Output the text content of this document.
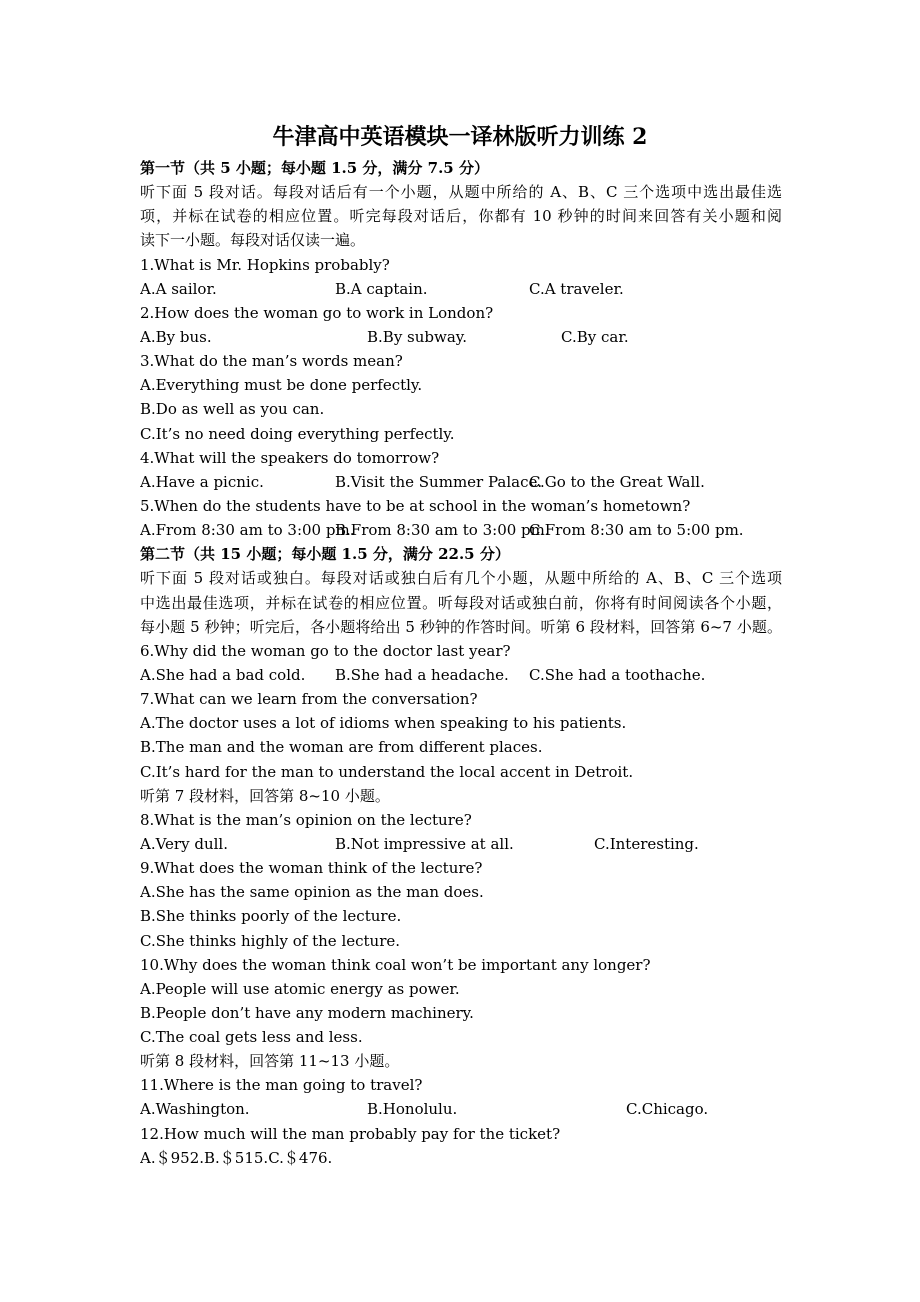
牛津高中英语模块一译林版听力训练 2
第一节（共 5 小题；每小题 1.5 分，满分 7.5 分）
听下面 5 段对话。每段对话后有一个小题，从题中所给的 A、B、C 三个选项中选出最佳选
项，并标在试卷的相应位置。听完每段对话后，你都有 10 秒钟的时间来回答有关小题和阅
读下一小题。每段对话仅读一遍。
1.What is Mr. Hopkins probably?
A.A sailor.	B.A captain.	C.A traveler.
2.How does the woman go to work in London?
A.By bus.	B.By subway.	C.By car.
3.What do the man’s words mean?
A.Everything must be done perfectly.
B.Do as well as you can.
C.It’s no need doing everything perfectly.
4.What will the speakers do tomorrow?
A.Have a picnic.	B.Visit the Summer Palace.
C.Go to the Great Wall.
5.When do the students have to be at school in the woman’s hometown?
A.From 8:30 am to 3:00 pm.
B.From 8:30 am to 3:00 pm.
C.From 8:30 am to 5:00 pm.
第二节（共 15 小题；每小题 1.5 分，满分 22.5 分）
听下面 5 段对话或独白。每段对话或独白后有几个小题，从题中所给的 A、B、C 三个选项
中选出最佳选项，并标在试卷的相应位置。听每段对话或独白前，你将有时间阅读各个小题，
每小题 5 秒钟；听完后，各小题将给出 5 秒钟的作答时间。听第 6 段材料，回答第 6~7 小题。
6.Why did the woman go to the doctor last year?
A.She had a bad cold. B.She had a headache. C.She had a toothache.
7.What can we learn from the conversation?
A.The doctor uses a lot of idioms when speaking to his patients.
B.The man and the woman are from different places.
C.It’s hard for the man to understand the local accent in Detroit.
听第 7 段材料，回答第 8~10 小题。
8.What is the man’s opinion on the lecture?
A.Very dull.	B.Not impressive at all.	C.Interesting.
9.What does the woman think of the lecture?
A.She has the same opinion as the man does.
B.She thinks poorly of the lecture.
C.She thinks highly of the lecture.
10.Why does the woman think coal won’t be important any longer?
A.People will use atomic energy as power.
B.People don’t have any modern machinery.
C.The coal gets less and less.
听第 8 段材料，回答第 11~13 小题。
11.Where is the man going to travel?
A.Washington.	B.Honolulu.	C.Chicago.
12.How much will the man probably pay for the ticket?
A.＄952.B.＄515.C.＄476.
